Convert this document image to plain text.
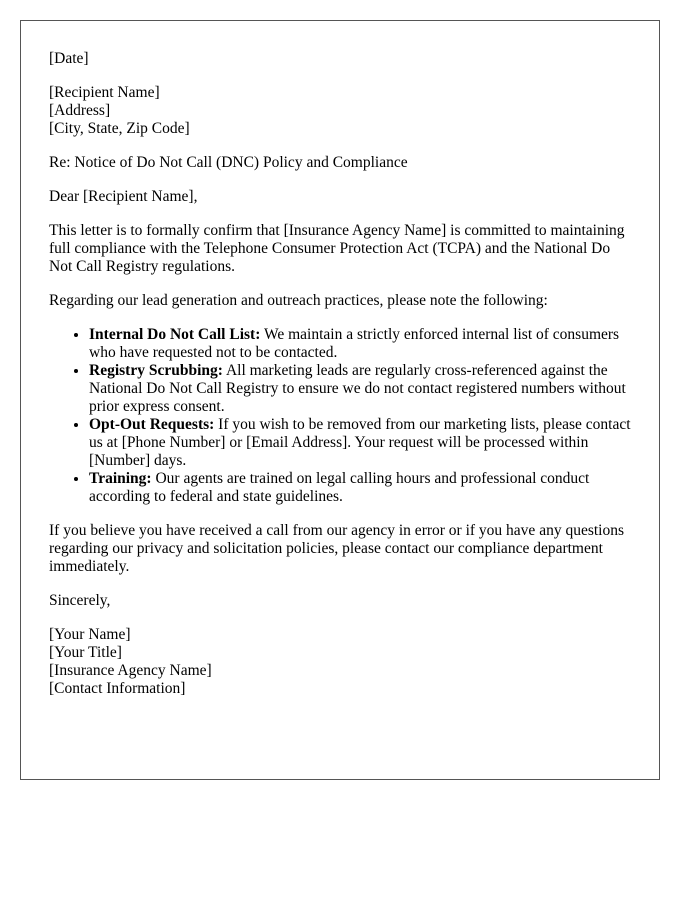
[Date]

[Recipient Name]
[Address]
[City, State, Zip Code]

Re: Notice of Do Not Call (DNC) Policy and Compliance

Dear [Recipient Name],

This letter is to formally confirm that [Insurance Agency Name] is committed to maintaining full compliance with the Telephone Consumer Protection Act (TCPA) and the National Do Not Call Registry regulations.

Regarding our lead generation and outreach practices, please note the following:

• Internal Do Not Call List: We maintain a strictly enforced internal list of consumers who have requested not to be contacted.
• Registry Scrubbing: All marketing leads are regularly cross-referenced against the National Do Not Call Registry to ensure we do not contact registered numbers without prior express consent.
• Opt-Out Requests: If you wish to be removed from our marketing lists, please contact us at [Phone Number] or [Email Address]. Your request will be processed within [Number] days.
• Training: Our agents are trained on legal calling hours and professional conduct according to federal and state guidelines.

If you believe you have received a call from our agency in error or if you have any questions regarding our privacy and solicitation policies, please contact our compliance department immediately.

Sincerely,

[Your Name]
[Your Title]
[Insurance Agency Name]
[Contact Information]
